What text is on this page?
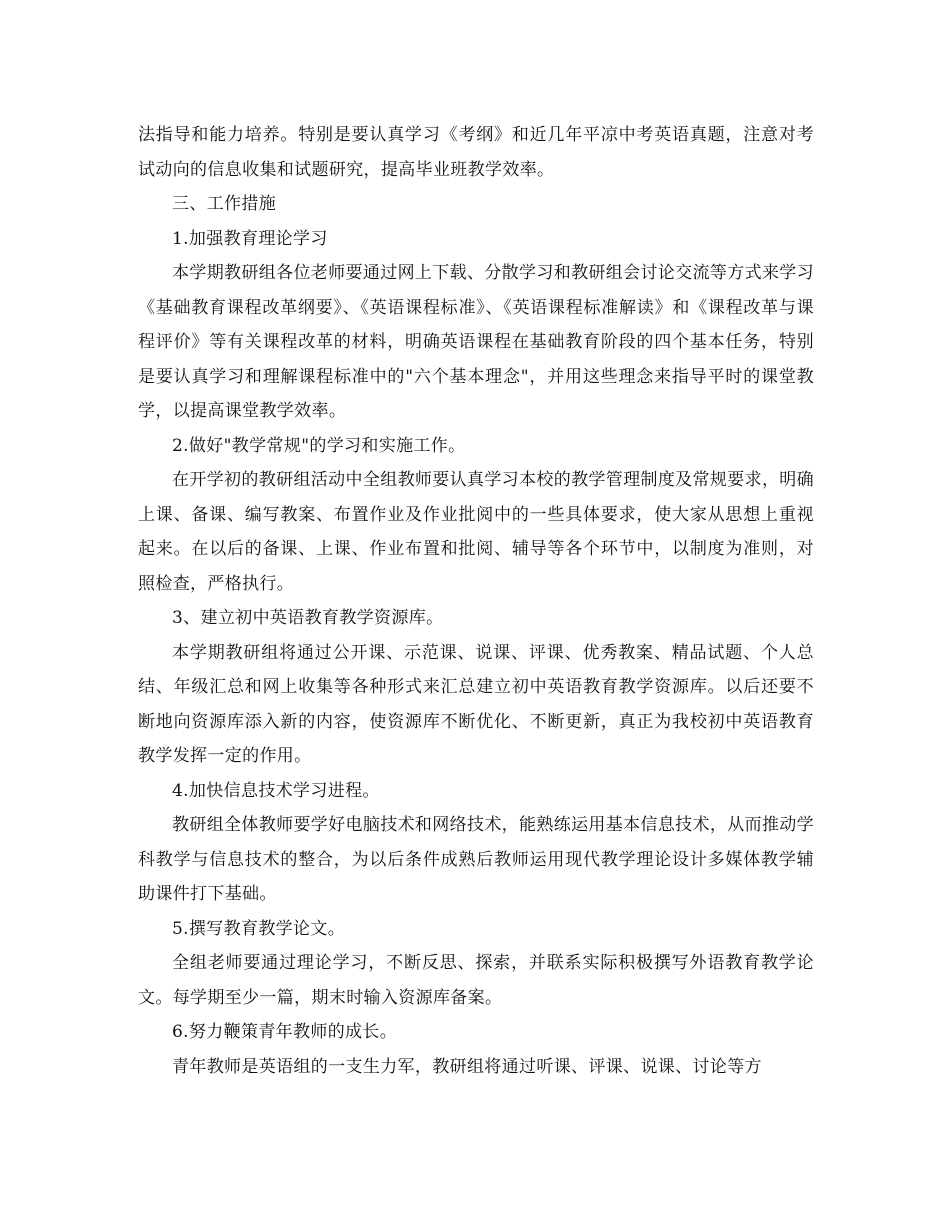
法指导和能力培养。特别是要认真学习《考纲》和近几年平凉中考英语真题，注意对考试动向的信息收集和试题研究，提高毕业班教学效率。

三、工作措施

1.加强教育理论学习

本学期教研组各位老师要通过网上下载、分散学习和教研组会讨论交流等方式来学习《基础教育课程改革纲要》、《英语课程标准》、《英语课程标准解读》和《课程改革与课程评价》等有关课程改革的材料，明确英语课程在基础教育阶段的四个基本任务，特别是要认真学习和理解课程标准中的"六个基本理念"，并用这些理念来指导平时的课堂教学，以提高课堂教学效率。

2.做好"教学常规"的学习和实施工作。

在开学初的教研组活动中全组教师要认真学习本校的教学管理制度及常规要求，明确上课、备课、编写教案、布置作业及作业批阅中的一些具体要求，使大家从思想上重视起来。在以后的备课、上课、作业布置和批阅、辅导等各个环节中，以制度为准则，对照检查，严格执行。

3、建立初中英语教育教学资源库。

本学期教研组将通过公开课、示范课、说课、评课、优秀教案、精品试题、个人总结、年级汇总和网上收集等各种形式来汇总建立初中英语教育教学资源库。以后还要不断地向资源库添入新的内容，使资源库不断优化、不断更新，真正为我校初中英语教育教学发挥一定的作用。

4.加快信息技术学习进程。

教研组全体教师要学好电脑技术和网络技术，能熟练运用基本信息技术，从而推动学科教学与信息技术的整合，为以后条件成熟后教师运用现代教学理论设计多媒体教学辅助课件打下基础。

5.撰写教育教学论文。

全组老师要通过理论学习，不断反思、探索，并联系实际积极撰写外语教育教学论文。每学期至少一篇，期末时输入资源库备案。

6.努力鞭策青年教师的成长。

青年教师是英语组的一支生力军，教研组将通过听课、评课、说课、讨论等方
